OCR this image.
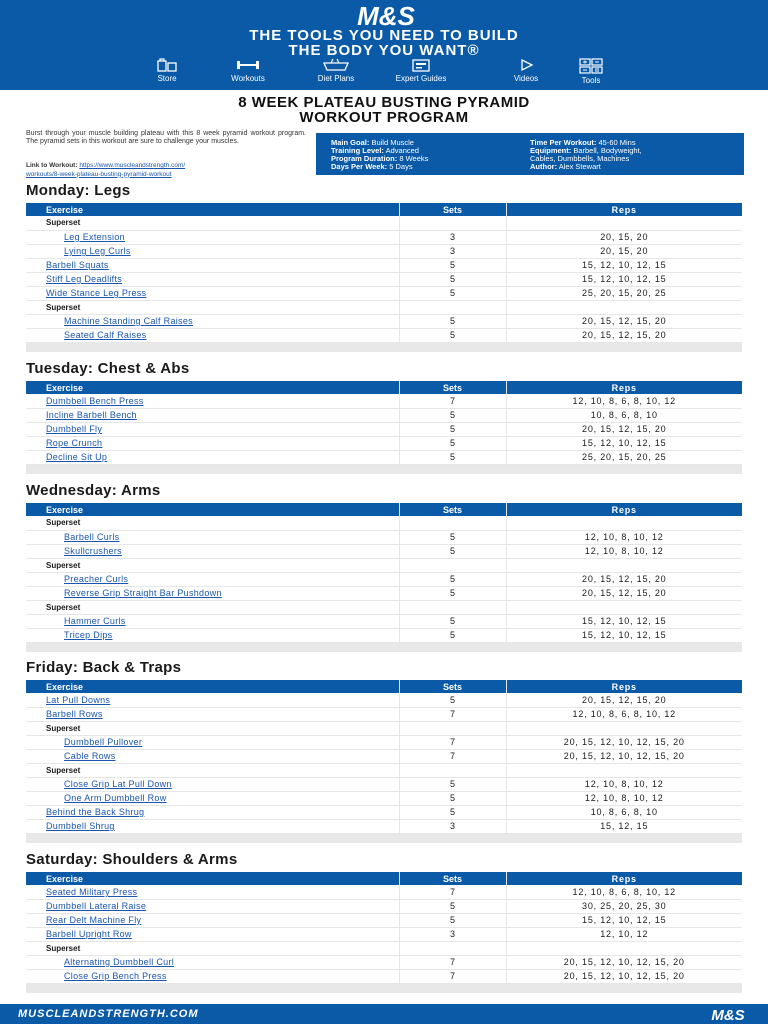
M&S
THE TOOLS YOU NEED TO BUILD
THE BODY YOU WANT®
Store	Workouts	Diet Plans	Expert Guides	Videos	Tools
8 WEEK PLATEAU BUSTING PYRAMID
WORKOUT PROGRAM
Burst through your muscle building plateau with this 8 week pyramid workout program. The pyramid sets in this workout are sure to challenge your muscles.
Link to Workout: https://www.muscleandstrength.com/
workouts/8-week-plateau-busting-pyramid-workout
Main Goal: Build Muscle
Training Level: Advanced
Program Duration: 8 Weeks
Days Per Week: 5 Days
Time Per Workout: 45-60 Mins
Equipment: Barbell, Bodyweight,
Cables, Dumbbells, Machines
Author: Alex Stewart
Monday: Legs
Exercise	Sets	Reps
Superset		
Leg Extension	3	20, 15, 20
Lying Leg Curls	3	20, 15, 20
Barbell Squats	5	15, 12, 10, 12, 15
Stiff Leg Deadlifts	5	15, 12, 10, 12, 15
Wide Stance Leg Press	5	25, 20, 15, 20, 25
Superset		
Machine Standing Calf Raises	5	20, 15, 12, 15, 20
Seated Calf Raises	5	20, 15, 12, 15, 20

Tuesday: Chest & Abs
Exercise	Sets	Reps
Dumbbell Bench Press	7	12, 10, 8, 6, 8, 10, 12
Incline Barbell Bench	5	10, 8, 6, 8, 10
Dumbbell Fly	5	20, 15, 12, 15, 20
Rope Crunch	5	15, 12, 10, 12, 15
Decline Sit Up	5	25, 20, 15, 20, 25

Wednesday: Arms
Exercise	Sets	Reps
Superset		
Barbell Curls	5	12, 10, 8, 10, 12
Skullcrushers	5	12, 10, 8, 10, 12
Superset		
Preacher Curls	5	20, 15, 12, 15, 20
Reverse Grip Straight Bar Pushdown	5	20, 15, 12, 15, 20
Superset		
Hammer Curls	5	15, 12, 10, 12, 15
Tricep Dips	5	15, 12, 10, 12, 15

Friday: Back & Traps
Exercise	Sets	Reps
Lat Pull Downs	5	20, 15, 12, 15, 20
Barbell Rows	7	12, 10, 8, 6, 8, 10, 12
Superset		
Dumbbell Pullover	7	20, 15, 12, 10, 12, 15, 20
Cable Rows	7	20, 15, 12, 10, 12, 15, 20
Superset		
Close Grip Lat Pull Down	5	12, 10, 8, 10, 12
One Arm Dumbbell Row	5	12, 10, 8, 10, 12
Behind the Back Shrug	5	10, 8, 6, 8, 10
Dumbbell Shrug	3	15, 12, 15

Saturday: Shoulders & Arms
Exercise	Sets	Reps
Seated Military Press	7	12, 10, 8, 6, 8, 10, 12
Dumbbell Lateral Raise	5	30, 25, 20, 25, 30
Rear Delt Machine Fly	5	15, 12, 10, 12, 15
Barbell Upright Row	3	12, 10, 12
Superset		
Alternating Dumbbell Curl	7	20, 15, 12, 10, 12, 15, 20
Close Grip Bench Press	7	20, 15, 12, 10, 12, 15, 20

MUSCLEANDSTRENGTH.COM	M&S
